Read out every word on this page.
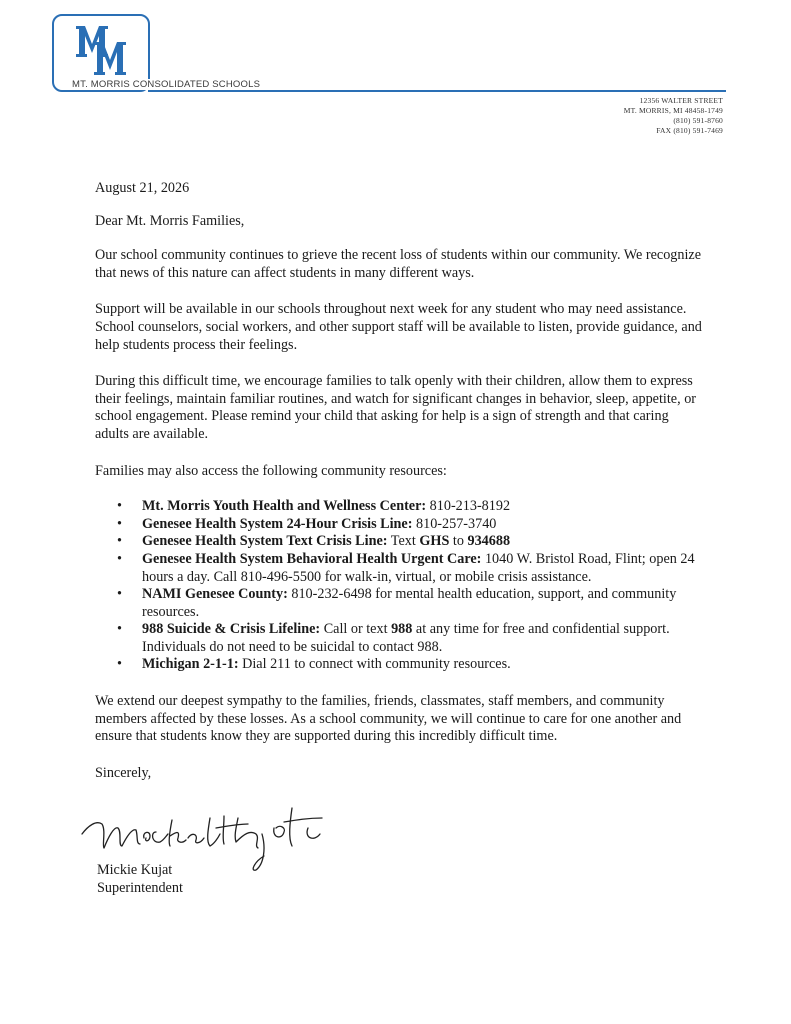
MT. MORRIS CONSOLIDATED SCHOOLS
12356 WALTER STREET
MT. MORRIS, MI 48458-1749
(810) 591-8760
FAX (810) 591-7469

August 21, 2026

Dear Mt. Morris Families,

Our school community continues to grieve the recent loss of students within our community. We recognize that news of this nature can affect students in many different ways.

Support will be available in our schools throughout next week for any student who may need assistance. School counselors, social workers, and other support staff will be available to listen, provide guidance, and help students process their feelings.

During this difficult time, we encourage families to talk openly with their children, allow them to express their feelings, maintain familiar routines, and watch for significant changes in behavior, sleep, appetite, or school engagement. Please remind your child that asking for help is a sign of strength and that caring adults are available.

Families may also access the following community resources:

• Mt. Morris Youth Health and Wellness Center: 810-213-8192
• Genesee Health System 24-Hour Crisis Line: 810-257-3740
• Genesee Health System Text Crisis Line: Text GHS to 934688
• Genesee Health System Behavioral Health Urgent Care: 1040 W. Bristol Road, Flint; open 24 hours a day. Call 810-496-5500 for walk-in, virtual, or mobile crisis assistance.
• NAMI Genesee County: 810-232-6498 for mental health education, support, and community resources.
• 988 Suicide & Crisis Lifeline: Call or text 988 at any time for free and confidential support. Individuals do not need to be suicidal to contact 988.
• Michigan 2-1-1: Dial 211 to connect with community resources.

We extend our deepest sympathy to the families, friends, classmates, staff members, and community members affected by these losses. As a school community, we will continue to care for one another and ensure that students know they are supported during this incredibly difficult time.

Sincerely,

Mickie Kujat
Superintendent
